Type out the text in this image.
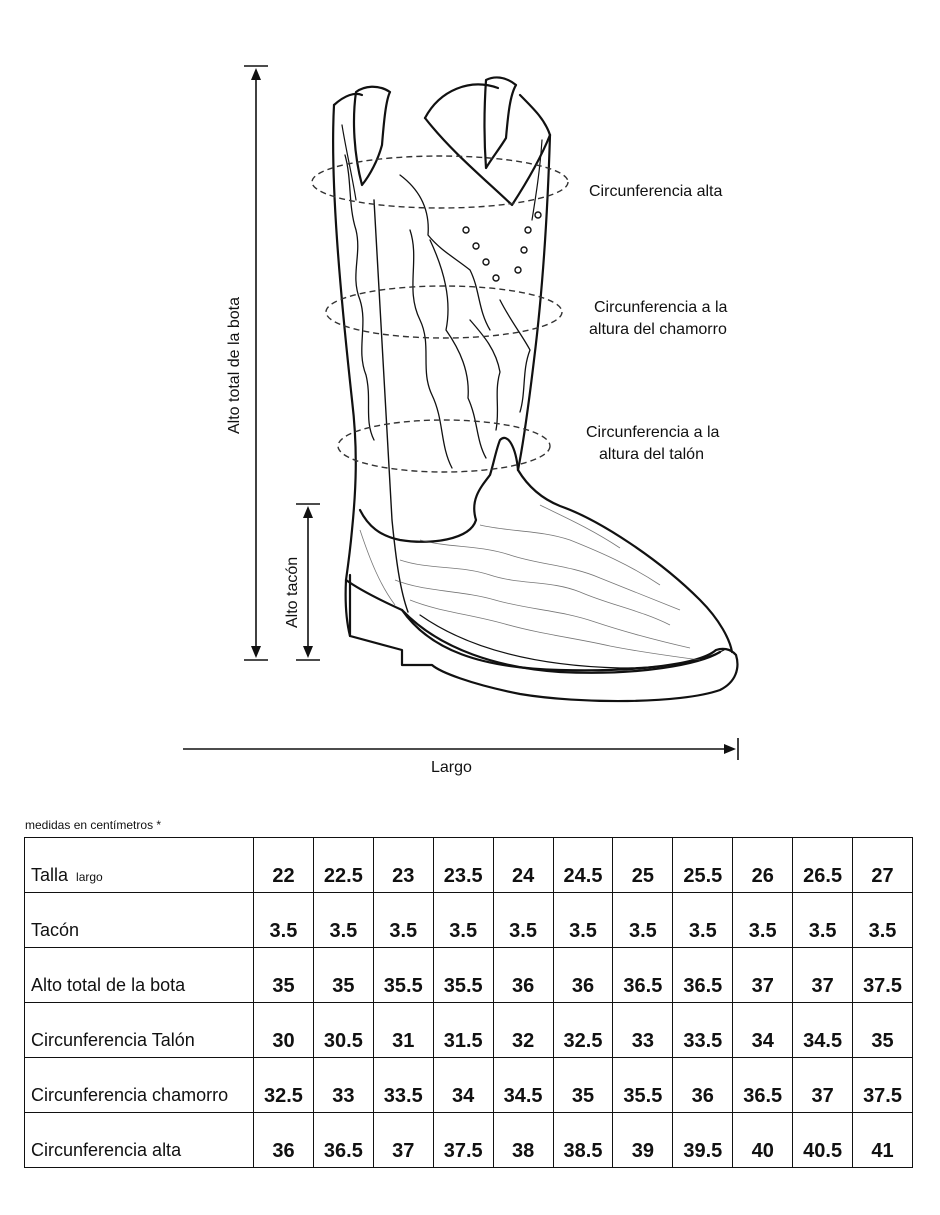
Circunferencia alta
Circunferencia a la
altura del chamorro
Circunferencia a la
altura del talón
Alto total de la bota
Alto tacón
Largo
medidas en centímetros *
Talla largo	22	22.5	23	23.5	24	24.5	25	25.5	26	26.5	27
Tacón	3.5	3.5	3.5	3.5	3.5	3.5	3.5	3.5	3.5	3.5	3.5
Alto total de la bota	35	35	35.5	35.5	36	36	36.5	36.5	37	37	37.5
Circunferencia Talón	30	30.5	31	31.5	32	32.5	33	33.5	34	34.5	35
Circunferencia chamorro	32.5	33	33.5	34	34.5	35	35.5	36	36.5	37	37.5
Circunferencia alta	36	36.5	37	37.5	38	38.5	39	39.5	40	40.5	41
